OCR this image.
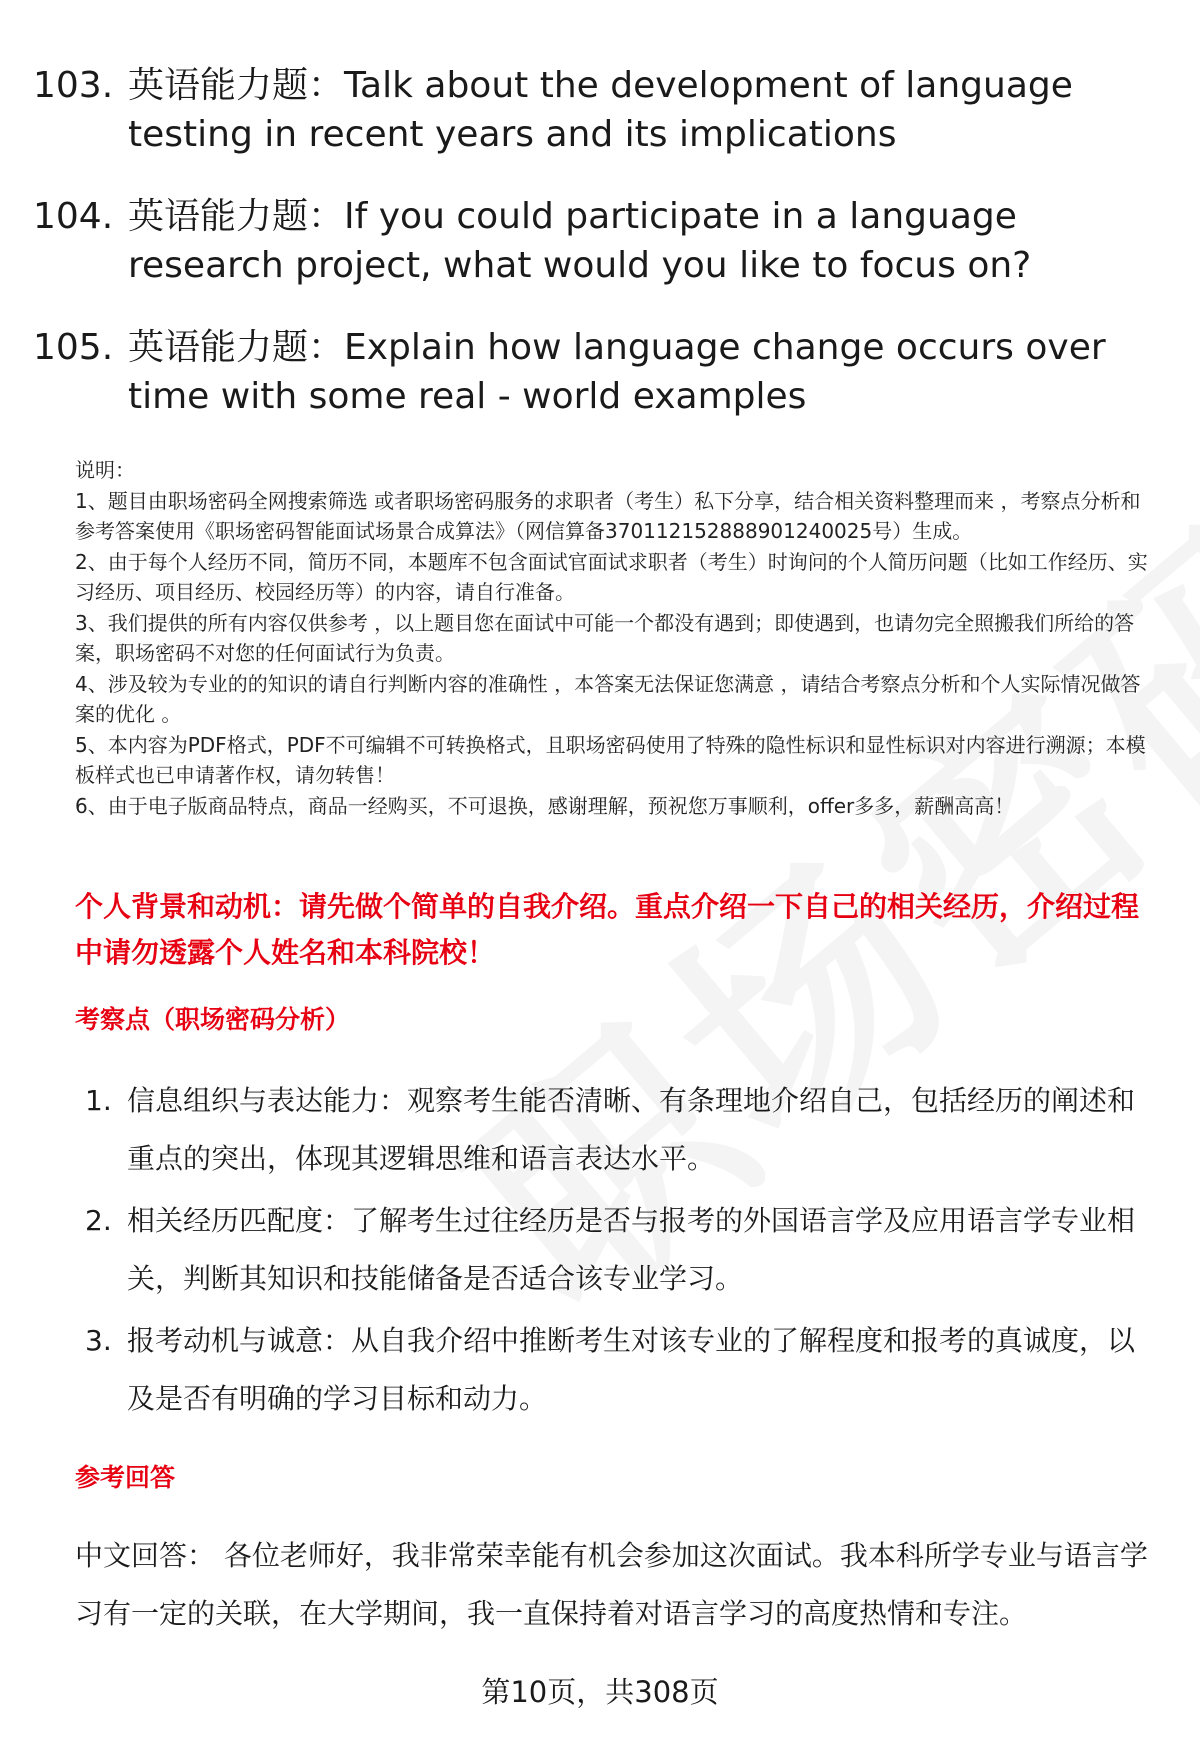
103. 英语能力题：Talk about the development of language testing in recent years and its implications
104. 英语能力题：If you could participate in a language research project, what would you like to focus on?
105. 英语能力题：Explain how language change occurs over time with some real - world examples

说明：

1、题目由职场密码全网搜索筛选 或者职场密码服务的求职者（考生）私下分享，结合相关资料整理而来 ，考察点分析和参考答案使用《职场密码智能面试场景合成算法》（网信算备370112152888901240025号）生成。

2、由于每个人经历不同，简历不同，本题库不包含面试官面试求职者（考生）时询问的个人简历问题（比如工作经历、实习经历、项目经历、校园经历等）的内容，请自行准备。

3、我们提供的所有内容仅供参考 ，以上题目您在面试中可能一个都没有遇到；即使遇到，也请勿完全照搬我们所给的答案，职场密码不对您的任何面试行为负责。

4、涉及较为专业的的知识的请自行判断内容的准确性 ，本答案无法保证您满意 ，请结合考察点分析和个人实际情况做答案的优化 。

5、本内容为PDF格式，PDF不可编辑不可转换格式，且职场密码使用了特殊的隐性标识和显性标识对内容进行溯源；本模板样式也已申请著作权，请勿转售！

6、由于电子版商品特点，商品一经购买，不可退换，感谢理解，预祝您万事顺利，offer多多，薪酬高高！

个人背景和动机：请先做个简单的自我介绍。重点介绍一下自己的相关经历，介绍过程中请勿透露个人姓名和本科院校！
考察点（职场密码分析）
1. 信息组织与表达能力：观察考生能否清晰、有条理地介绍自己，包括经历的阐述和重点的突出，体现其逻辑思维和语言表达水平。
2. 相关经历匹配度：了解考生过往经历是否与报考的外国语言学及应用语言学专业相关，判断其知识和技能储备是否适合该专业学习。
3. 报考动机与诚意：从自我介绍中推断考生对该专业的了解程度和报考的真诚度，以及是否有明确的学习目标和动力。
参考回答
中文回答： 各位老师好，我非常荣幸能有机会参加这次面试。我本科所学专业与语言学习有一定的关联，在大学期间，我一直保持着对语言学习的高度热情和专注。
第10页，共308页
